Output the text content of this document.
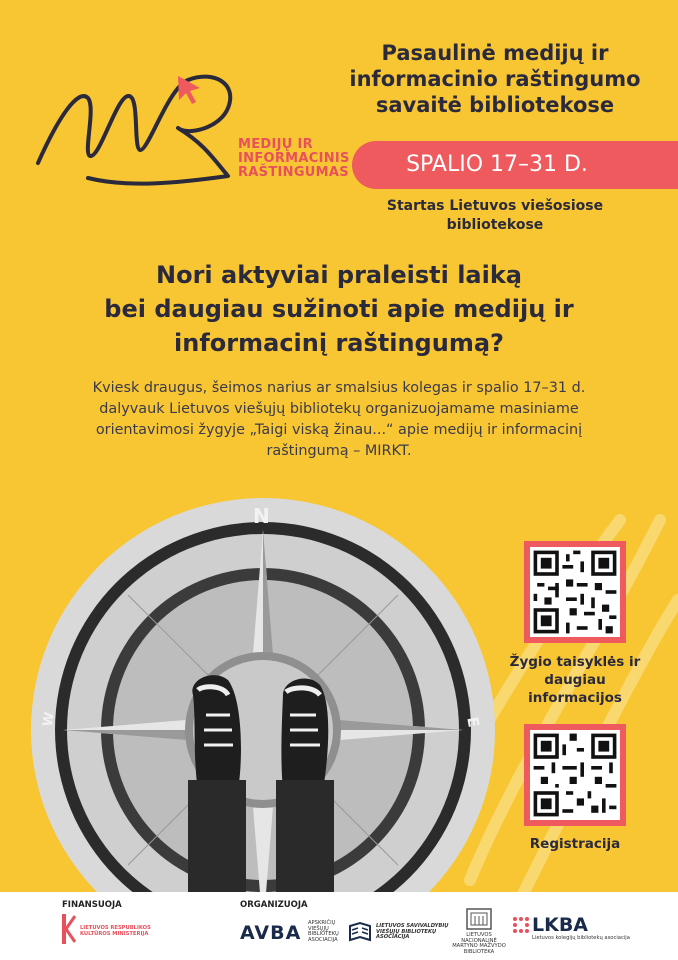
MEDIJŲ IR
INFORMACINIS
RAŠTINGUMAS
Pasaulinė medijų ir
informacinio raštingumo
savaitė bibliotekose
SPALIO 17–31 D.
Startas Lietuvos viešosiose
bibliotekose
Nori aktyviai praleisti laiką
bei daugiau sužinoti apie medijų ir
informacinį raštingumą?
Kviesk draugus, šeimos narius ar smalsius kolegas ir spalio 17–31 d.
dalyvauk Lietuvos viešųjų bibliotekų organizuojamame masiniame
orientavimosi žygyje „Taigi viską žinau...“ apie medijų ir informacinį
raštingumą – MIRKT.
N
W	E
Žygio taisyklės ir
daugiau informacijos
Registracija
FINANSUOJA
LIETUVOS RESPUBLIKOS
KULTŪROS MINISTERIJA
ORGANIZUOJA
AVBA APSKRIČIŲ
VIEŠŲJŲ
BIBLIOTEKŲ
ASOCIACIJA
LIETUVOS SAVIVALDYBIŲ
VIEŠŲJŲ BIBLIOTEKŲ
ASOCIACIJA	LIETUVOS NACIONALINĖ
MARTYNO MAŽVYDO
BIBLIOTEKA
LKBA
Lietuvos kolegijų bibliotekų asociacija
